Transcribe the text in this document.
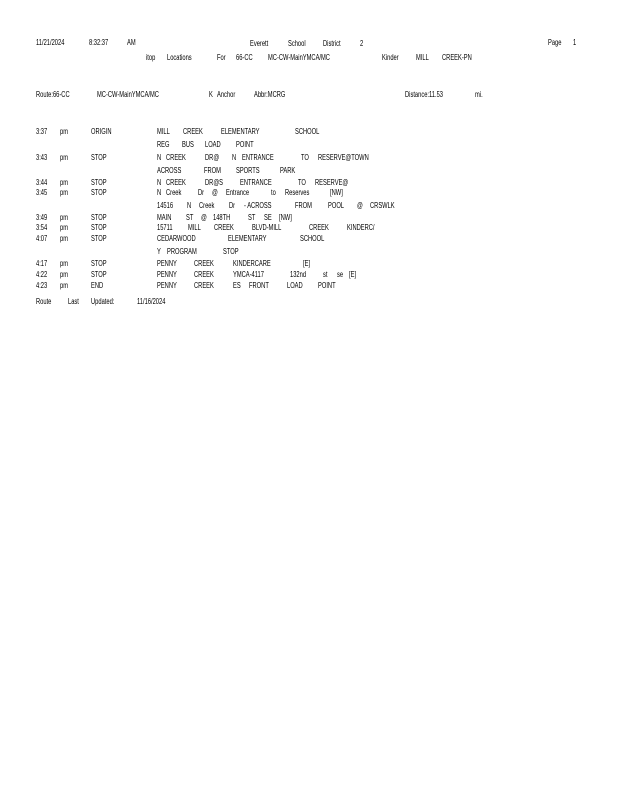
11/21/2024	8:32:37 AM	Everett School District 2	Page 1
itop Locations	For 66-CC MC-CW-MainYMCA/MC	Kinder MILL CREEK-PN
Route:66-CC	MC-CW-MainYMCA/MC	K Anchor Abbr:MCRG	Distance:11.53	mi.
3:37 pm	ORIGIN	MILL CREEK ELEMENTARY	SCHOOL
REG BUS LOAD POINT
3:43 pm	STOP	N CREEK DR@ N ENTRANCE	TO RESERVE@TOWN
ACROSS	FROM SPORTS	PARK
3:44 pm	STOP	N CREEK DR@S ENTRANCE	TO RESERVE@
3:45 pm	STOP	N Creek Dr @ Entrance	to Reserves	[NW]
14516 N Creek Dr - ACROSS	FROM POOL @ CRSWLK
3:49 pm	STOP	MAIN ST @ 148TH ST SE [NW]
3:54 pm	STOP	15711 MILL CREEK BLVD-MILL	CREEK KINDERC/
4:07 pm	STOP	CEDARWOOD	ELEMENTARY	SCHOOL
Y PROGRAM	STOP
4:17 pm	STOP	PENNY CREEK KINDERCARE	[E]
4:22 pm	STOP	PENNY CREEK YMCA-4117	132nd st se [E]
4:23 pm	END	PENNY CREEK ES FRONT LOAD POINT
Route Last Updated:	11/16/2024
